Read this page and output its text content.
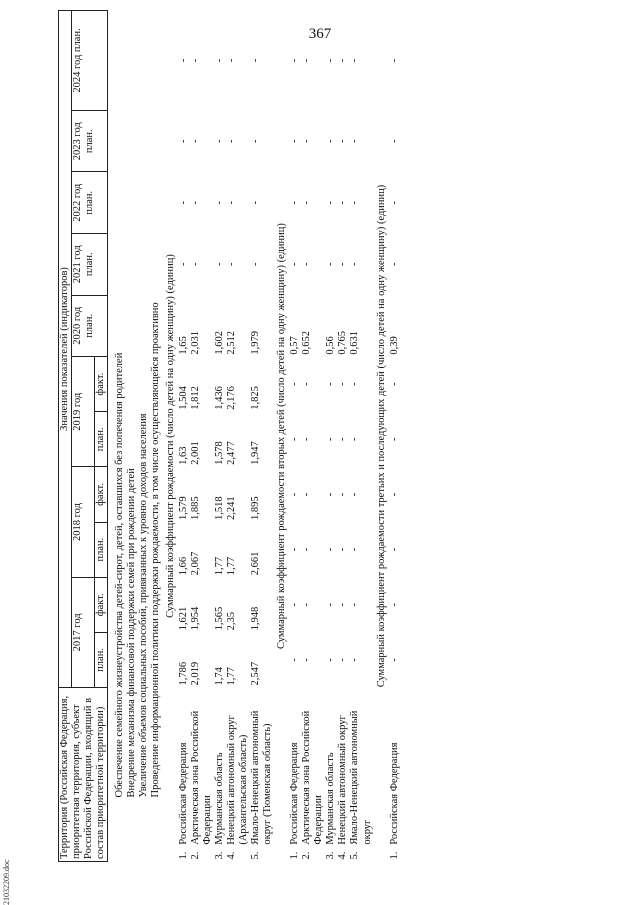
367
21032209.doc
Территория (Российская Федерация, приоритетная территория, субъект Российской Федерации, входящий в состав приоритетной территории)		Значения показателей (индикаторов)										
		2017 год		2018 год		2019 год		2020 год план.	2021 год план.	2022 год план.	2023 год план.	2024 год план.
		план.	факт.	план.	факт.	план.	факт.					
Обеспечение семейного жизнеустройства детей-сирот, детей, оставшихся без попечения родителей												
Внедрение механизма финансовой поддержки семей при рождении детей												
Увеличение объемов социальных пособий, привязанных к уровню доходов населения												
Проведение информационной политики поддержки рождаемости, в том числе осуществляющейся проактивно												
Суммарный коэффициент рождаемости (число детей на одну женщину) (единиц)												
1.	Российская Федерация	1,786	1,621	1,66	1,579	1,63	1,504	1,65	-	-	-	-
2.	Арктическая зона Российской Федерации	2,019	1,954	2,067	1,885	2,001	1,812	2,031	-	-	-	-
3.	Мурманская область	1,74	1,565	1,77	1,518	1,578	1,436	1,602	-	-	-	-
4.	Ненецкий автономный округ (Архангельская область)	1,77	2,35	1,77	2,241	2,477	2,176	2,512	-	-	-	-
5.	Ямало-Ненецкий автономный округ (Тюменская область)	2,547	1,948	2,661	1,895	1,947	1,825	1,979	-	-	-	-
Суммарный коэффициент рождаемости вторых детей (число детей на одну женщину) (единиц)												
1.	Российская Федерация	-	-	-	-	-	-	0,57	-	-	-	-
2.	Арктическая зона Российской Федерации	-	-	-	-	-	-	0,652	-	-	-	-
3.	Мурманская область	-	-	-	-	-	-	0,56	-	-	-	-
4.	Ненецкий автономный округ	-	-	-	-	-	-	0,765	-	-	-	-
5.	Ямало-Ненецкий автономный округ	-	-	-	-	-	-	0,631	-	-	-	-
Суммарный коэффициент рождаемости третьих и последующих детей (число детей на одну женщину) (единиц)												
1.	Российская Федерация	-	-	-	-	-	-	0,39	-	-	-	-
